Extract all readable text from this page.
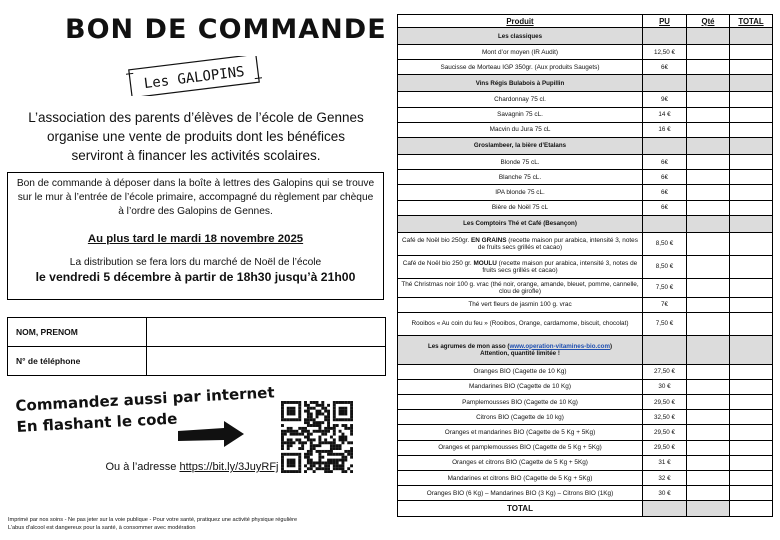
BON DE COMMANDE
Les GALOPINS
L’association des parents d’élèves de l’école de Gennes
organise une vente de produits dont les bénéfices
serviront à financer les activités scolaires.
Bon de commande à déposer dans la boîte à lettres des Galopins qui se trouve sur le mur à l’entrée de l’école primaire, accompagné du règlement par chèque à l’ordre des Galopins de Gennes.
Au plus tard le mardi 18 novembre 2025
La distribution se fera lors du marché de Noël de l’école
le vendredi 5 décembre à partir de 18h30 jusqu’à 21h00
NOM, PRENOM	
N° de téléphone	
Commandez aussi par internet
En flashant le code
Ou à l’adresse https://bit.ly/3JuyRFj
Imprimé par nos soins - Ne pas jeter sur la voie publique - Pour votre santé, pratiquez une activité physique régulière
L’abus d’alcool est dangereux pour la santé, à consommer avec modération
Produit	PU	Qté	TOTAL
Les classiques			
Mont d’or moyen (IR Audit)	12,50 €		
Saucisse de Morteau IGP 350gr. (Aux produits Saugets)	6€		
Vins Régis Bulabois à Pupillin			
Chardonnay 75 cl.	9€		
Savagnin 75 cL.	14 €		
Macvin du Jura 75 cL	16 €		
Groslambeer, la bière d’Etalans			
Blonde 75 cL.	6€		
Blanche 75 cL.	6€		
IPA blonde 75 cL.	6€		
Bière de Noël 75 cL	6€		
Les Comptoirs Thé et Café (Besançon)			
Café de Noël bio 250gr. EN GRAINS (recette maison pur arabica, intensité 3, notes de fruits secs grillés et cacao)	8,50 €		
Café de Noël bio 250 gr. MOULU (recette maison pur arabica, intensité 3, notes de fruits secs grillés et cacao)	8,50 €		
Thé Christmas noir 100 g. vrac (thé noir, orange, amande, bleuet, pomme, cannelle, clou de girofle)	7,50 €		
Thé vert fleurs de jasmin 100 g. vrac	7€		
Rooibos « Au coin du feu » (Rooibos, Orange, cardamome, biscuit, chocolat)	7,50 €		
Les agrumes de mon asso (www.operation-vitamines-bio.com)
Attention, quantité limitée !			
Oranges BIO (Cagette de 10 Kg)	27,50 €		
Mandarines BIO (Cagette de 10 Kg)	30 €		
Pamplemousses BIO (Cagette de 10 Kg)	29,50 €		
Citrons BIO (Cagette de 10 kg)	32,50 €		
Oranges et mandarines BIO (Cagette de 5 Kg + 5Kg)	29,50 €		
Oranges et pamplemousses BIO (Cagette de 5 Kg + 5Kg)	29,50 €		
Oranges et citrons BIO (Cagette de 5 Kg + 5Kg)	31 €		
Mandarines et citrons BIO (Cagette de 5 Kg + 5Kg)	32 €		
Oranges BIO (6 Kg) – Mandarines BIO (3 Kg) – Citrons BIO (1Kg)	30 €		
TOTAL			
